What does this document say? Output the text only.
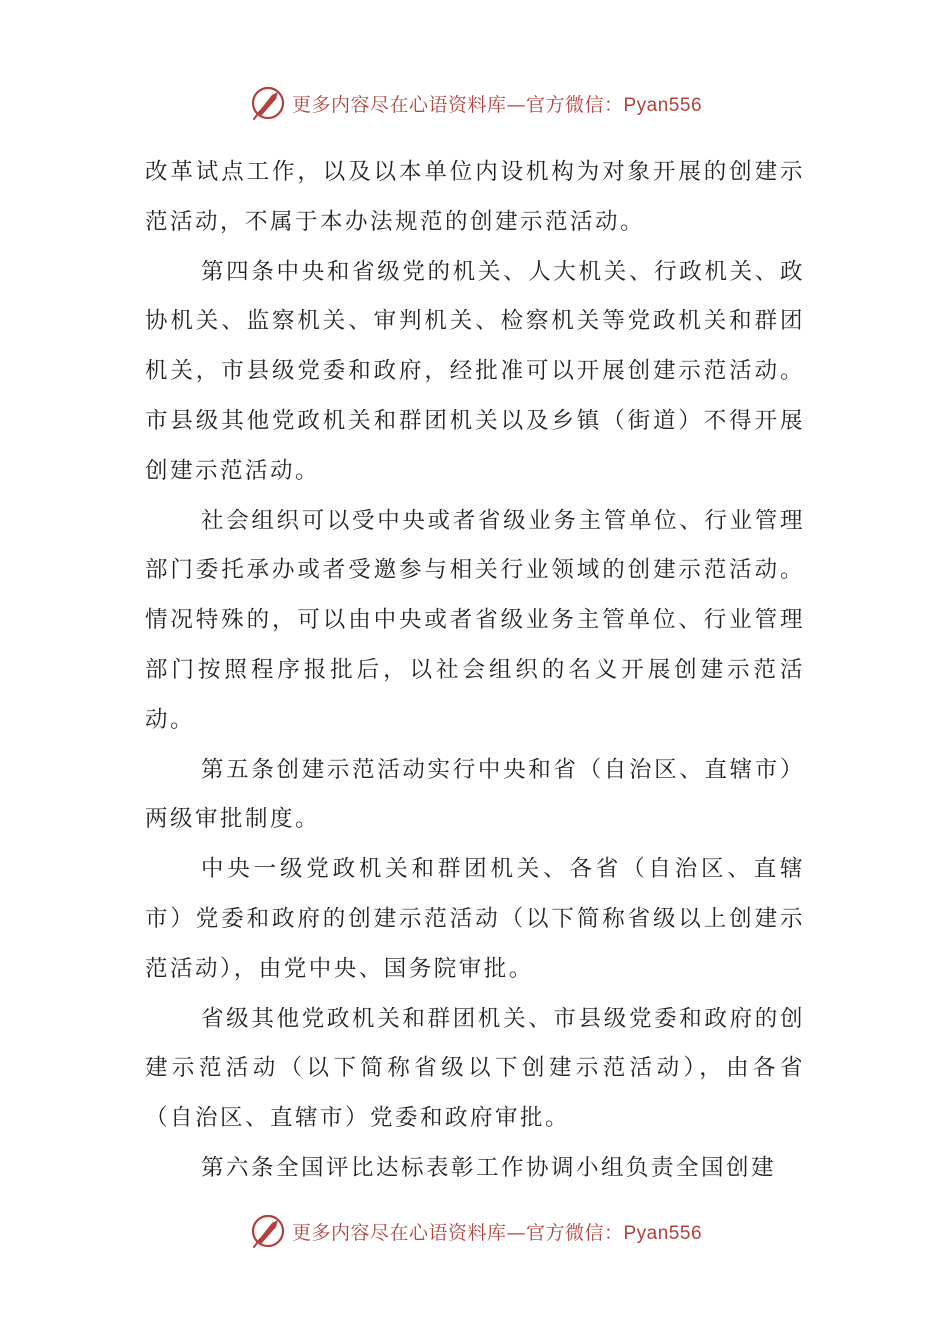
更多内容尽在心语资料库—官方微信：Pyan556

改革试点工作，以及以本单位内设机构为对象开展的创建示范活动，不属于本办法规范的创建示范活动。

第四条中央和省级党的机关、人大机关、行政机关、政协机关、监察机关、审判机关、检察机关等党政机关和群团机关，市县级党委和政府，经批准可以开展创建示范活动。市县级其他党政机关和群团机关以及乡镇（街道）不得开展创建示范活动。

社会组织可以受中央或者省级业务主管单位、行业管理部门委托承办或者受邀参与相关行业领域的创建示范活动。情况特殊的，可以由中央或者省级业务主管单位、行业管理部门按照程序报批后，以社会组织的名义开展创建示范活动。

第五条创建示范活动实行中央和省（自治区、直辖市）两级审批制度。

中央一级党政机关和群团机关、各省（自治区、直辖市）党委和政府的创建示范活动（以下简称省级以上创建示范活动），由党中央、国务院审批。

省级其他党政机关和群团机关、市县级党委和政府的创建示范活动（以下简称省级以下创建示范活动），由各省（自治区、直辖市）党委和政府审批。

第六条全国评比达标表彰工作协调小组负责全国创建

更多内容尽在心语资料库—官方微信：Pyan556
